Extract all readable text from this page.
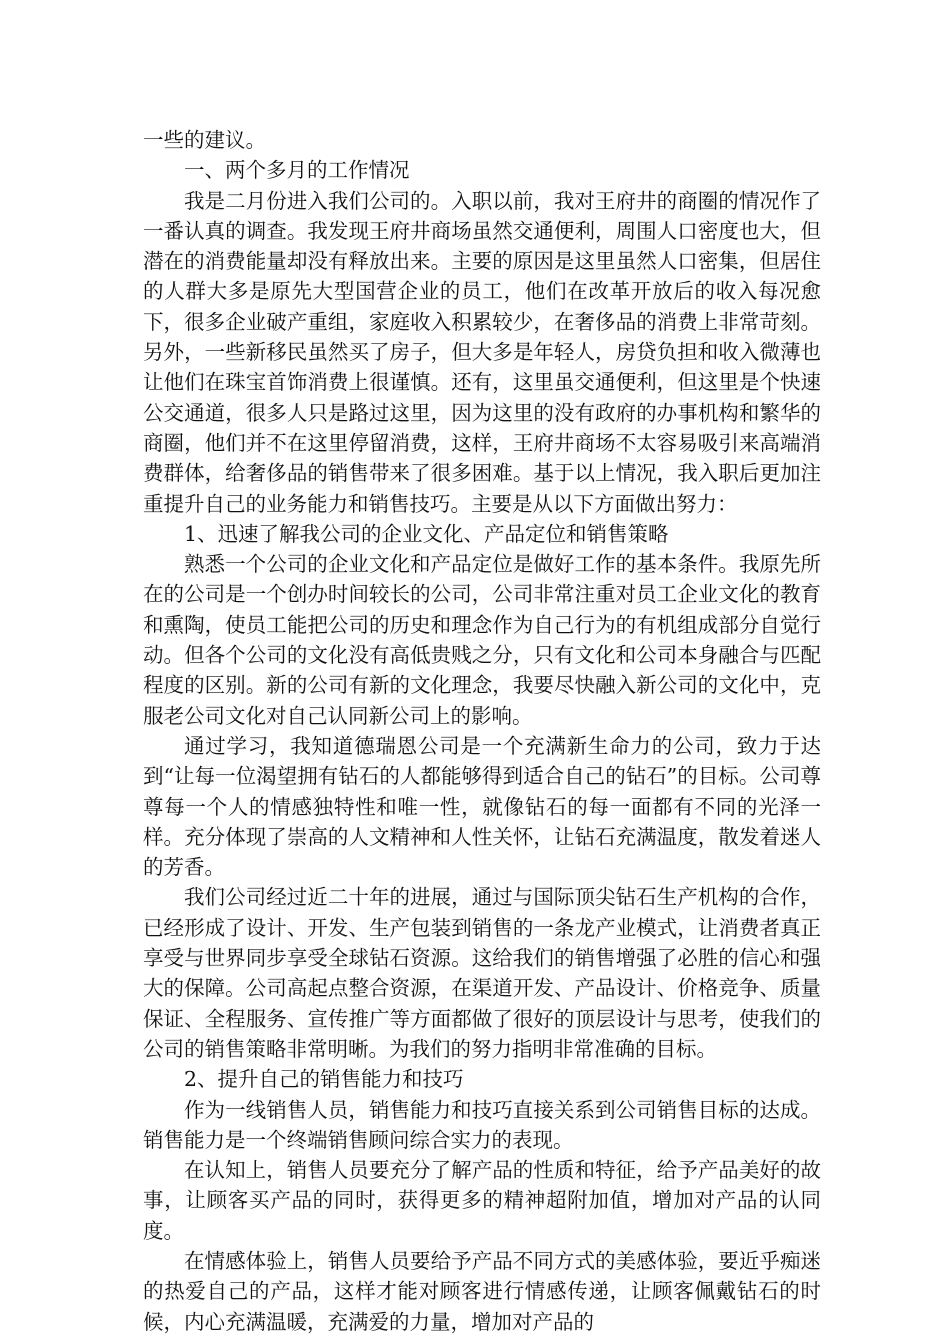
一些的建议。

一、两个多月的工作情况

我是二月份进入我们公司的。入职以前，我对王府井的商圈的情况作了一番认真的调查。我发现王府井商场虽然交通便利，周围人口密度也大，但潜在的消费能量却没有释放出来。主要的原因是这里虽然人口密集，但居住的人群大多是原先大型国营企业的员工，他们在改革开放后的收入每况愈下，很多企业破产重组，家庭收入积累较少，在奢侈品的消费上非常苛刻。另外，一些新移民虽然买了房子，但大多是年轻人，房贷负担和收入微薄也让他们在珠宝首饰消费上很谨慎。还有，这里虽交通便利，但这里是个快速公交通道，很多人只是路过这里，因为这里的没有政府的办事机构和繁华的商圈，他们并不在这里停留消费，这样，王府井商场不太容易吸引来高端消费群体，给奢侈品的销售带来了很多困难。基于以上情况，我入职后更加注重提升自己的业务能力和销售技巧。主要是从以下方面做出努力：

1、迅速了解我公司的企业文化、产品定位和销售策略

熟悉一个公司的企业文化和产品定位是做好工作的基本条件。我原先所在的公司是一个创办时间较长的公司，公司非常注重对员工企业文化的教育和熏陶，使员工能把公司的历史和理念作为自己行为的有机组成部分自觉行动。但各个公司的文化没有高低贵贱之分，只有文化和公司本身融合与匹配程度的区别。新的公司有新的文化理念，我要尽快融入新公司的文化中，克服老公司文化对自己认同新公司上的影响。

通过学习，我知道德瑞恩公司是一个充满新生命力的公司，致力于达到“让每一位渴望拥有钻石的人都能够得到适合自己的钻石”的目标。公司尊尊每一个人的情感独特性和唯一性，就像钻石的每一面都有不同的光泽一样。充分体现了崇高的人文精神和人性关怀，让钻石充满温度，散发着迷人的芳香。

我们公司经过近二十年的进展，通过与国际顶尖钻石生产机构的合作，已经形成了设计、开发、生产包装到销售的一条龙产业模式，让消费者真正享受与世界同步享受全球钻石资源。这给我们的销售增强了必胜的信心和强大的保障。公司高起点整合资源，在渠道开发、产品设计、价格竞争、质量保证、全程服务、宣传推广等方面都做了很好的顶层设计与思考，使我们的公司的销售策略非常明晰。为我们的努力指明非常准确的目标。

2、提升自己的销售能力和技巧

作为一线销售人员，销售能力和技巧直接关系到公司销售目标的达成。销售能力是一个终端销售顾问综合实力的表现。

在认知上，销售人员要充分了解产品的性质和特征，给予产品美好的故事，让顾客买产品的同时，获得更多的精神超附加值，增加对产品的认同度。

在情感体验上，销售人员要给予产品不同方式的美感体验，要近乎痴迷的热爱自己的产品，这样才能对顾客进行情感传递，让顾客佩戴钻石的时候，内心充满温暖，充满爱的力量，增加对产品的
